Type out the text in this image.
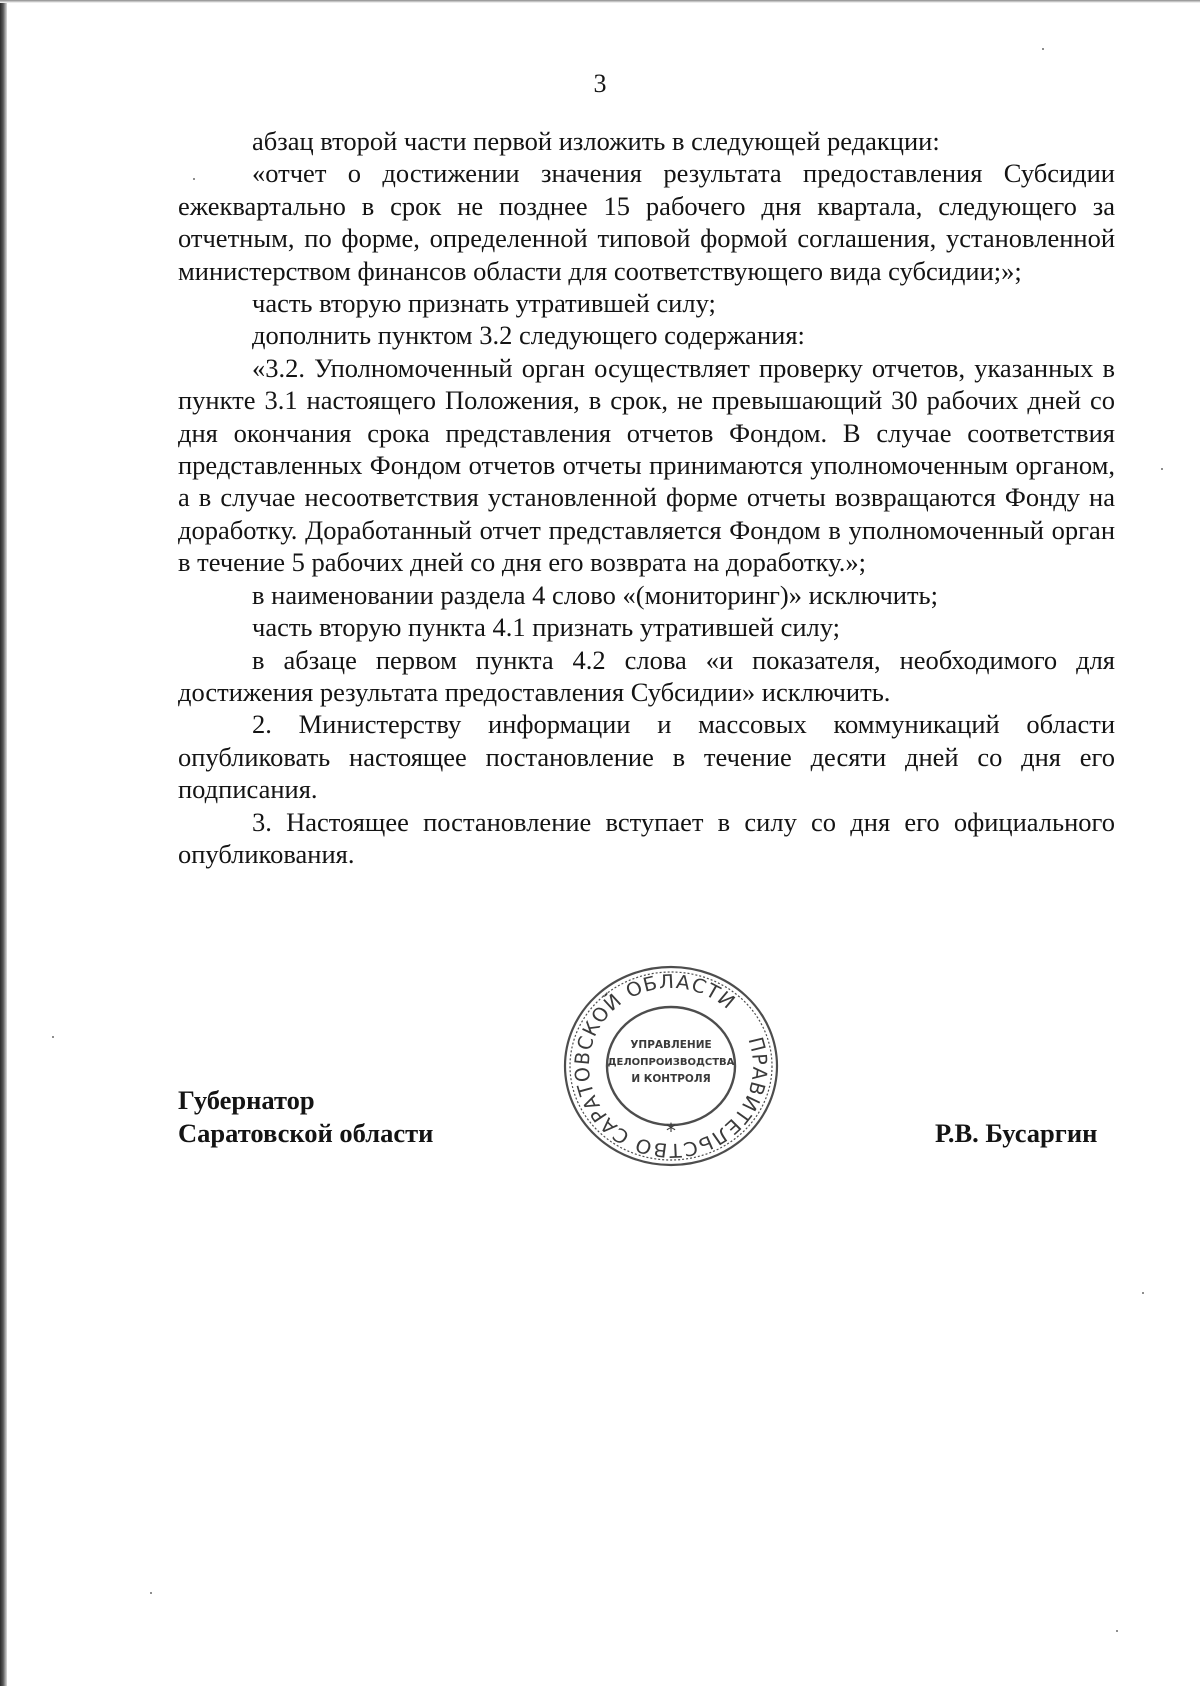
3

абзац второй части первой изложить в следующей редакции:

«отчет о достижении значения результата предоставления Субсидии ежеквартально в срок не позднее 15 рабочего дня квартала, следующего за отчетным, по форме, определенной типовой формой соглашения, установленной министерством финансов области для соответствующего вида субсидии;»;

часть вторую признать утратившей силу;

дополнить пунктом 3.2 следующего содержания:

«3.2. Уполномоченный орган осуществляет проверку отчетов, указанных в пункте 3.1 настоящего Положения, в срок, не превышающий 30 рабочих дней со дня окончания срока представления отчетов Фондом. В случае соответствия представленных Фондом отчетов отчеты принимаются уполномоченным органом, а в случае несоответствия установленной форме отчеты возвращаются Фонду на доработку. Доработанный отчет представляется Фондом в уполномоченный орган в течение 5 рабочих дней со дня его возврата на доработку.»;

в наименовании раздела 4 слово «(мониторинг)» исключить;

часть вторую пункта 4.1 признать утратившей силу;

в абзаце первом пункта 4.2 слова «и показателя, необходимого для достижения результата предоставления Субсидии» исключить.

2. Министерству информации и массовых коммуникаций области опубликовать настоящее постановление в течение десяти дней со дня его подписания.

3. Настоящее постановление вступает в силу со дня его официального опубликования.

Губернатор
Саратовской области
ПРАВИТЕЛЬСТВО САРАТОВСКОЙ ОБЛАСТИ
*
УПРАВЛЕНИЕ
ДЕЛОПРОИЗВОДСТВА
И КОНТРОЛЯ
Р.В. Бусаргин
